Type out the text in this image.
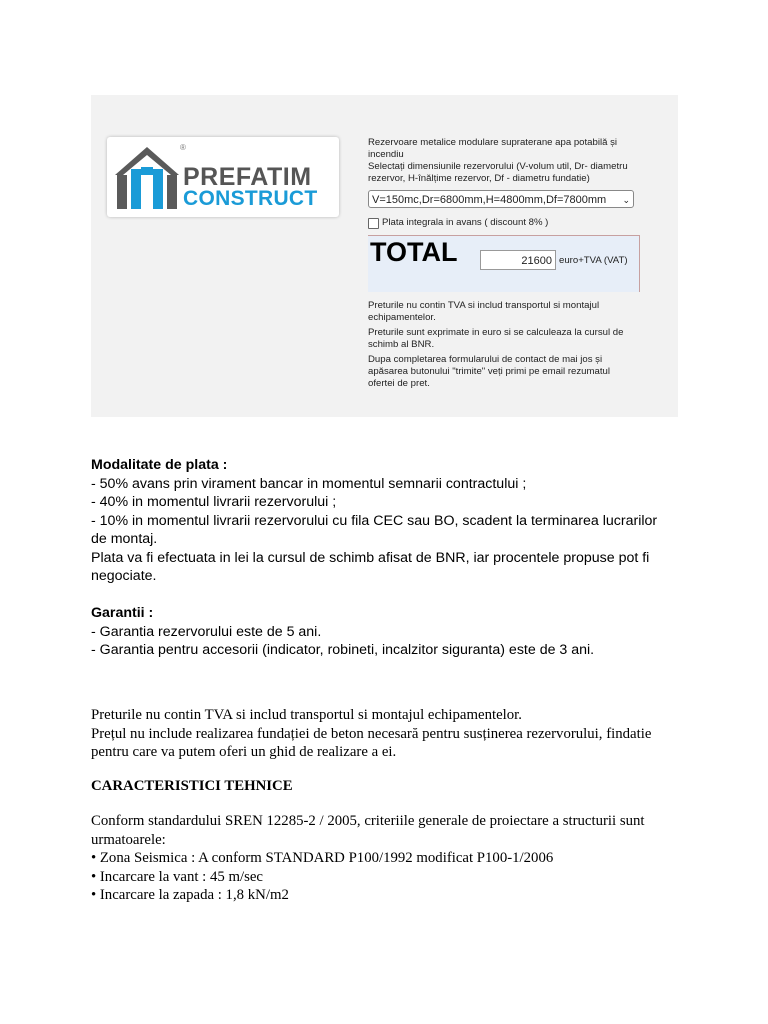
®
PREFATIM
CONSTRUCT
Rezervoare metalice modulare supraterane apa potabilă și
incendiu
Selectați dimensiunile rezervorului (V-volum util, Dr- diametru
rezervor, H-înălțime rezervor, Df - diametru fundatie)
V=150mc,Dr=6800mm,H=4800mm,Df=7800mm ⌄
Plata integrala in avans ( discount 8% )
TOTAL	21600 euro+TVA (VAT)

Preturile nu contin TVA si includ transportul si montajul
echipamentelor.

Preturile sunt exprimate in euro si se calculeaza la cursul de
schimb al BNR.

Dupa completarea formularului de contact de mai jos și
apăsarea butonului "trimite" veți primi pe email rezumatul
ofertei de pret.

Modalitate de plata :
- 50% avans prin virament bancar in momentul semnarii contractului ;
- 40% in momentul livrarii rezervorului ;
- 10% in momentul livrarii rezervorului cu fila CEC sau BO, scadent la terminarea lucrarilor
de montaj.
Plata va fi efectuata in lei la cursul de schimb afisat de BNR, iar procentele propuse pot fi
negociate.
Garantii :
- Garantia rezervorului este de 5 ani.
- Garantia pentru accesorii (indicator, robineti, incalzitor siguranta) este de 3 ani.
Preturile nu contin TVA si includ transportul si montajul echipamentelor.
Prețul nu include realizarea fundației de beton necesară pentru susținerea rezervorului, findatie
pentru care va putem oferi un ghid de realizare a ei.
CARACTERISTICI TEHNICE
Conform standardului SREN 12285-2 / 2005, criteriile generale de proiectare a structurii sunt
urmatoarele:
• Zona Seismica : A conform STANDARD P100/1992 modificat P100-1/2006
• Incarcare la vant : 45 m/sec
• Incarcare la zapada : 1,8 kN/m2
